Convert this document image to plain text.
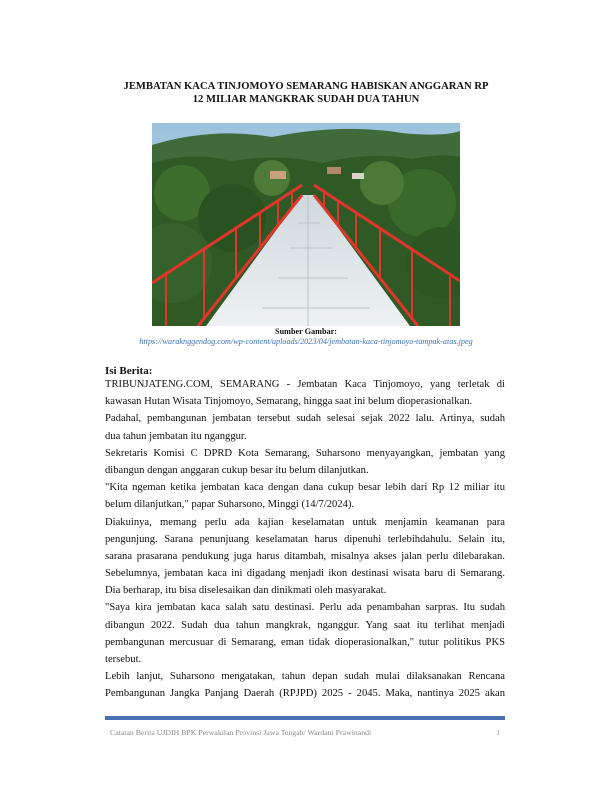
JEMBATAN KACA TINJOMOYO SEMARANG HABISKAN ANGGARAN RP
12 MILIAR MANGKRAK SUDAH DUA TAHUN
Sumber Gambar:
https://waraknggendog.com/wp-content/uploads/2023/04/jembatan-kaca-tinjomoyo-tampak-atas.jpeg
Isi Berita:
TRIBUNJATENG.COM, SEMARANG - Jembatan Kaca Tinjomoyo, yang terletak di
kawasan Hutan Wisata Tinjomoyo, Semarang, hingga saat ini belum dioperasionalkan.
Padahal, pembangunan jembatan tersebut sudah selesai sejak 2022 lalu. Artinya, sudah
dua tahun jembatan itu nganggur.
Sekretaris Komisi C DPRD Kota Semarang, Suharsono menyayangkan, jembatan yang
dibangun dengan anggaran cukup besar itu belum dilanjutkan.
"Kita ngeman ketika jembatan kaca dengan dana cukup besar lebih dari Rp 12 miliar itu
belum dilanjutkan," papar Suharsono, Minggi (14/7/2024).
Diakuinya, memang perlu ada kajian keselamatan untuk menjamin keamanan para
pengunjung. Sarana penunjuang keselamatan harus dipenuhi terlebihdahulu. Selain itu,
sarana prasarana pendukung juga harus ditambah, misalnya akses jalan perlu dilebarakan.
Sebelumnya, jembatan kaca ini digadang menjadi ikon destinasi wisata baru di Semarang.
Dia berharap, itu bisa diselesaikan dan dinikmati oleh masyarakat.
"Saya kira jembatan kaca salah satu destinasi. Perlu ada penambahan sarpras. Itu sudah
dibangun 2022. Sudah dua tahun mangkrak, nganggur. Yang saat itu terlihat menjadi
pembangunan mercusuar di Semarang, eman tidak dioperasionalkan," tutur politikus PKS
tersebut.
Lebih lanjut, Suharsono mengatakan, tahun depan sudah mulai dilaksanakan Rencana
Pembangunan Jangka Panjang Daerah (RPJPD) 2025 - 2045. Maka, nantinya 2025 akan
Catatan Berita UJDIH BPK Perwakilan Provinsi Jawa Tengah/ Wardani Prawinandi	1
